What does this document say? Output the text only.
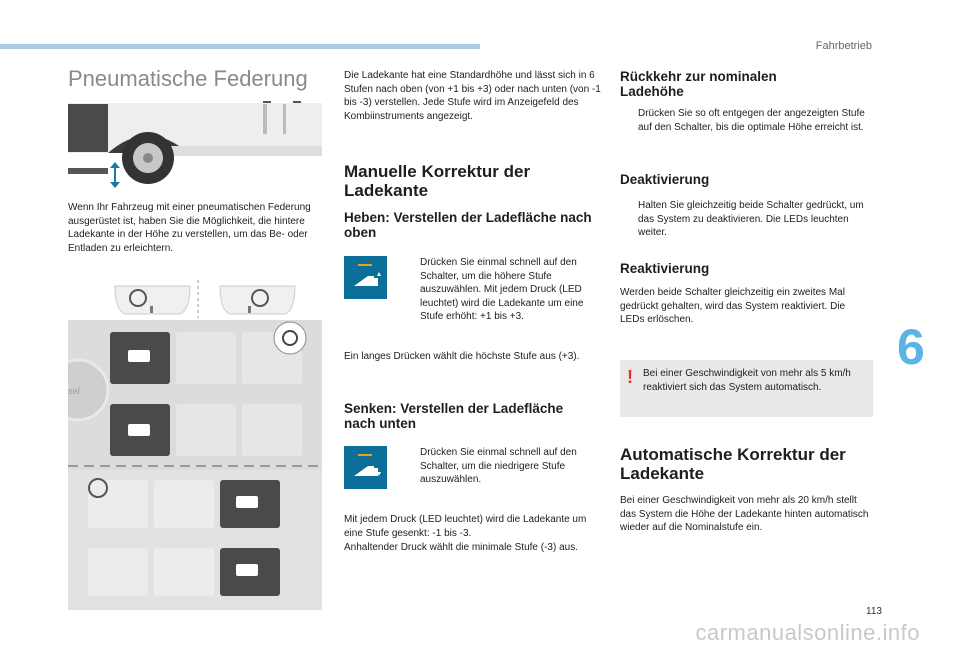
Fahrbetrieb
6
113
carmanualsonline.info
Pneumatische Federung

Wenn Ihr Fahrzeug mit einer pneumatischen Federung ausgerüstet ist, haben Sie die Möglichkeit, die hintere Ladekante in der Höhe zu verstellen, um das Be- oder Entladen zu erleichtern.

sel

Die Ladekante hat eine Standardhöhe und lässt sich in 6 Stufen nach oben (von +1 bis +3) oder nach unten (von -1 bis -3) verstellen. Jede Stufe wird im Anzeigefeld des Kombiinstruments angezeigt.

Manuelle Korrektur der Ladekante
Heben: Verstellen der Ladefläche nach oben

Drücken Sie einmal schnell auf den Schalter, um die höhere Stufe auszuwählen. Mit jedem Druck (LED leuchtet) wird die Ladekante um eine Stufe erhöht: +1 bis +3.

Ein langes Drücken wählt die höchste Stufe aus (+3).

Senken: Verstellen der Ladefläche nach unten

Drücken Sie einmal schnell auf den Schalter, um die niedrigere Stufe auszuwählen.

Mit jedem Druck (LED leuchtet) wird die Ladekante um eine Stufe gesenkt: -1 bis -3.

Anhaltender Druck wählt die minimale Stufe (-3) aus.

Rückkehr zur nominalen Ladehöhe

Drücken Sie so oft entgegen der angezeigten Stufe auf den Schalter, bis die optimale Höhe erreicht ist.

Deaktivierung

Halten Sie gleichzeitig beide Schalter gedrückt, um das System zu deaktivieren. Die LEDs leuchten weiter.

Reaktivierung

Werden beide Schalter gleichzeitig ein zweites Mal gedrückt gehalten, wird das System reaktiviert. Die LEDs erlöschen.

! Bei einer Geschwindigkeit von mehr als 5 km/h reaktiviert sich das System automatisch.

Automatische Korrektur der Ladekante

Bei einer Geschwindigkeit von mehr als 20 km/h stellt das System die Höhe der Ladekante hinten automatisch wieder auf die Nominalstufe ein.
